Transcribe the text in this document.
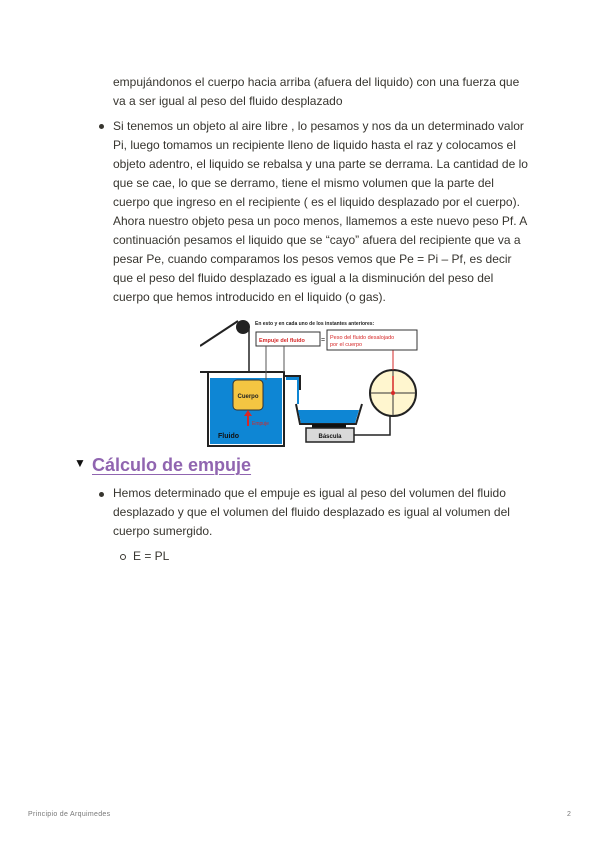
empujándonos el cuerpo hacia arriba (afuera del liquido) con una fuerza que va a ser igual al peso del fluido desplazado
Si tenemos un objeto al aire libre , lo pesamos y nos da un determinado valor Pi, luego tomamos un recipiente lleno de liquido hasta el raz y colocamos el objeto adentro, el liquido se rebalsa y una parte se derrama. La cantidad de lo que se cae, lo que se derramo, tiene el mismo volumen que la parte del cuerpo que ingreso en el recipiente ( es el liquido desplazado por el cuerpo). Ahora nuestro objeto pesa un poco menos, llamemos a este nuevo peso Pf. A continuación pesamos el liquido que se “cayo” afuera del recipiente que va a pesar Pe, cuando comparamos los pesos vemos que Pe = Pi – Pf, es decir que el peso del fluido desplazado es igual a la disminución del peso del cuerpo que hemos introducido en el liquido (o gas).
Cuerpo
Empuje
Fluido	Báscula
En esto y en cada uno de los instantes anteriores:
Empuje del fluido = Peso del fluido desalojado
por el cuerpo
▼ Cálculo de empuje
Hemos determinado que el empuje es igual al peso del volumen del fluido desplazado y que el volumen del fluido desplazado es igual al volumen del cuerpo sumergido.
E = PL
Principio de Arquimedes	2
